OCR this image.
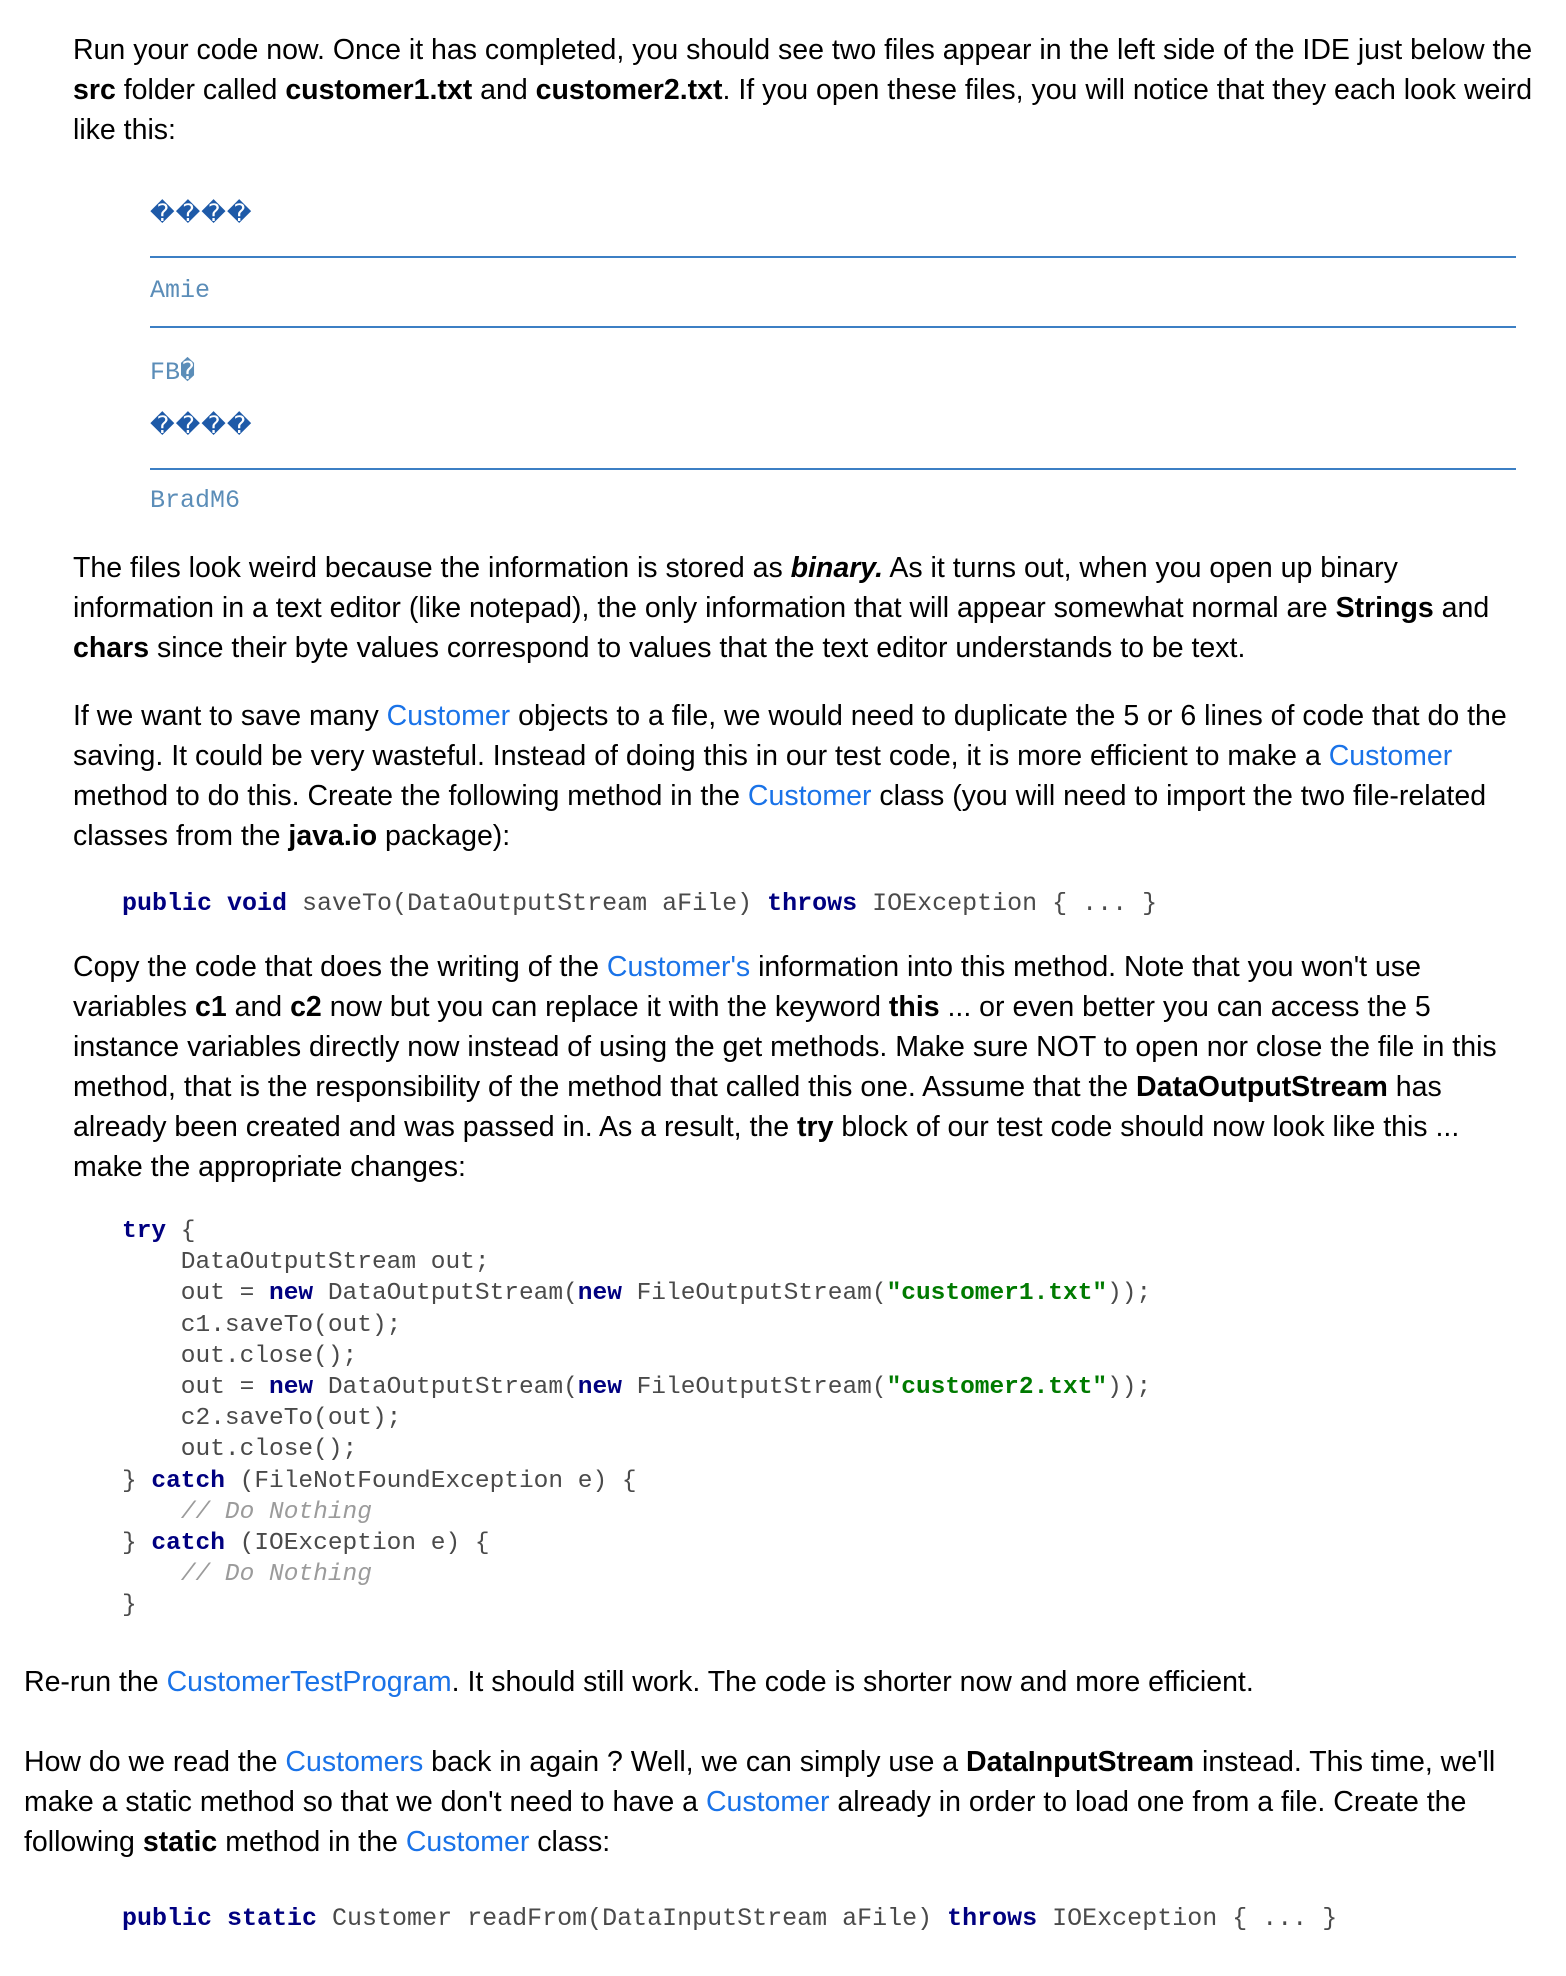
Run your code now. Once it has completed, you should see two files appear in the left side of the IDE just below the src folder called customer1.txt and customer2.txt. If you open these files, you will notice that they each look weird like this:

����
Amie
FB�
����
BradM6

The files look weird because the information is stored as binary. As it turns out, when you open up binary information in a text editor (like notepad), the only information that will appear somewhat normal are Strings and chars since their byte values correspond to values that the text editor understands to be text.

If we want to save many Customer objects to a file, we would need to duplicate the 5 or 6 lines of code that do the saving. It could be very wasteful. Instead of doing this in our test code, it is more efficient to make a Customer method to do this. Create the following method in the Customer class (you will need to import the two file-related classes from the java.io package):

public void saveTo(DataOutputStream aFile) throws IOException { ... }

Copy the code that does the writing of the Customer's information into this method. Note that you won't use variables c1 and c2 now but you can replace it with the keyword this ... or even better you can access the 5 instance variables directly now instead of using the get methods. Make sure NOT to open nor close the file in this method, that is the responsibility of the method that called this one. Assume that the DataOutputStream has already been created and was passed in. As a result, the try block of our test code should now look like this ... make the appropriate changes:

try {
DataOutputStream out;
out = new DataOutputStream(new FileOutputStream("customer1.txt"));
c1.saveTo(out);
out.close();
out = new DataOutputStream(new FileOutputStream("customer2.txt"));
c2.saveTo(out);
out.close();
} catch (FileNotFoundException e) {
// Do Nothing
} catch (IOException e) {
// Do Nothing
}

Re-run the CustomerTestProgram. It should still work. The code is shorter now and more efficient.

How do we read the Customers back in again ? Well, we can simply use a DataInputStream instead. This time, we'll make a static method so that we don't need to have a Customer already in order to load one from a file. Create the following static method in the Customer class:

public static Customer readFrom(DataInputStream aFile) throws IOException { ... }
